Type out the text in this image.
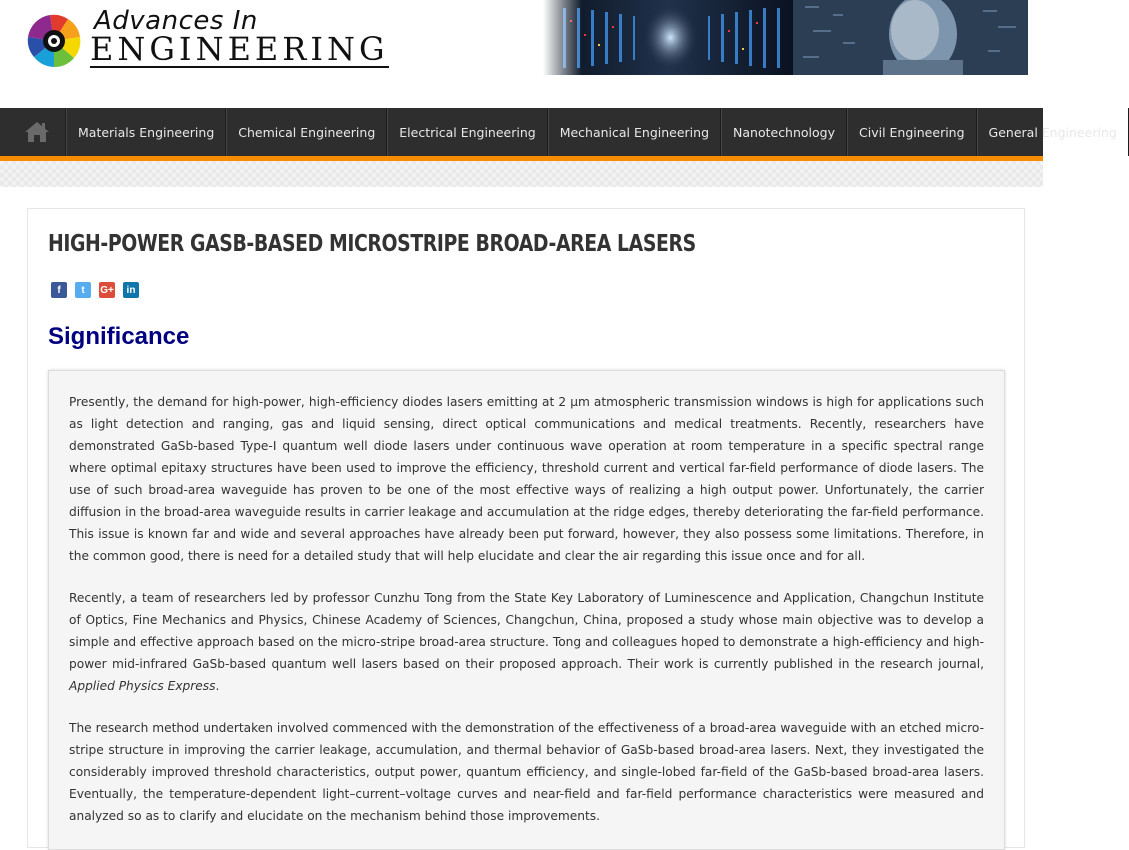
Advances In
ENGINEERING
Materials Engineering	Chemical Engineering	Electrical Engineering	Mechanical Engineering	Nanotechnology	Civil Engineering	General Engineering
HIGH-POWER GASB-BASED MICROSTRIPE BROAD-AREA LASERS
f t G+ in
Significance

Presently, the demand for high-power, high-efficiency diodes lasers emitting at 2 μm atmospheric transmission windows is high for applications such as light detection and ranging, gas and liquid sensing, direct optical communications and medical treatments. Recently, researchers have demonstrated GaSb-based Type-I quantum well diode lasers under continuous wave operation at room temperature in a specific spectral range where optimal epitaxy structures have been used to improve the efficiency, threshold current and vertical far-field performance of diode lasers. The use of such broad-area waveguide has proven to be one of the most effective ways of realizing a high output power. Unfortunately, the carrier diffusion in the broad-area waveguide results in carrier leakage and accumulation at the ridge edges, thereby deteriorating the far-field performance. This issue is known far and wide and several approaches have already been put forward, however, they also possess some limitations. Therefore, in the common good, there is need for a detailed study that will help elucidate and clear the air regarding this issue once and for all.

Recently, a team of researchers led by professor Cunzhu Tong from the State Key Laboratory of Luminescence and Application, Changchun Institute of Optics, Fine Mechanics and Physics, Chinese Academy of Sciences, Changchun, China, proposed a study whose main objective was to develop a simple and effective approach based on the micro-stripe broad-area structure. Tong and colleagues hoped to demonstrate a high-efficiency and high-power mid-infrared GaSb-based quantum well lasers based on their proposed approach. Their work is currently published in the research journal, Applied Physics Express.

The research method undertaken involved commenced with the demonstration of the effectiveness of a broad-area waveguide with an etched micro-stripe structure in improving the carrier leakage, accumulation, and thermal behavior of GaSb-based broad-area lasers. Next, they investigated the considerably improved threshold characteristics, output power, quantum efficiency, and single-lobed far-field of the GaSb-based broad-area lasers. Eventually, the temperature-dependent light–current–voltage curves and near-field and far-field performance characteristics were measured and analyzed so as to clarify and elucidate on the mechanism behind those improvements.
